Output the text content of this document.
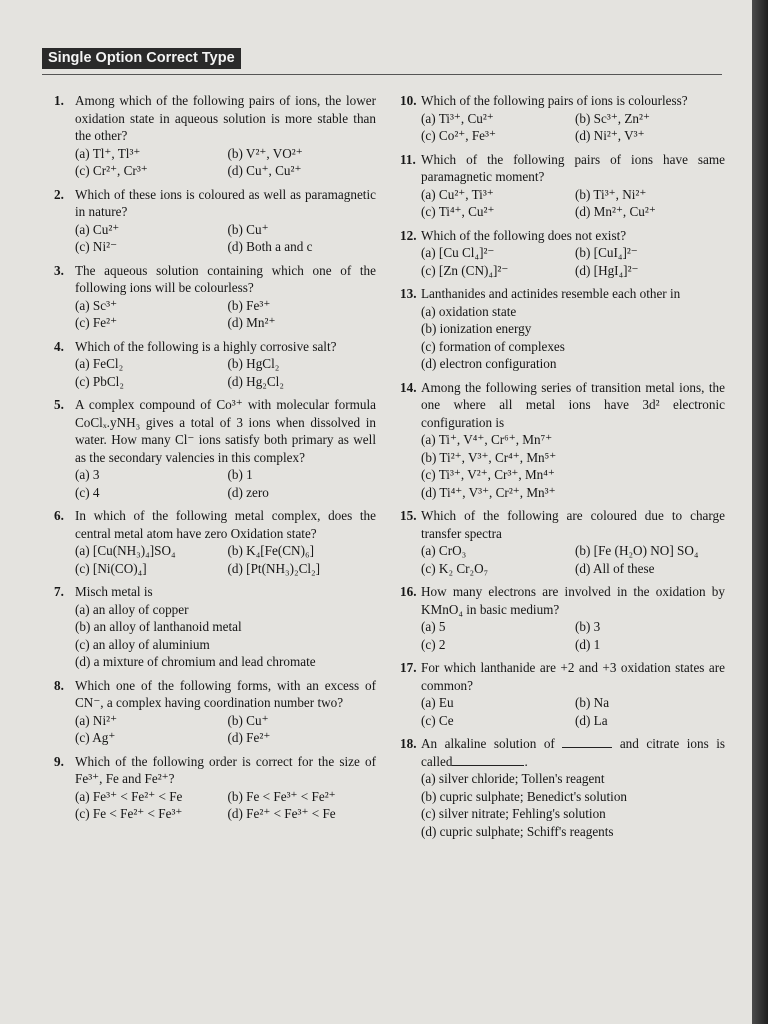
Single Option Correct Type
1. Among which of the following pairs of ions, the lower oxidation state in aqueous solution is more stable than the other?
(a) Tl⁺, Tl³⁺	(b) V²⁺, VO²⁺
(c) Cr²⁺, Cr³⁺	(d) Cu⁺, Cu²⁺
2. Which of these ions is coloured as well as paramagnetic in nature?
(a) Cu²⁺	(b) Cu⁺
(c) Ni²⁻	(d) Both a and c
3. The aqueous solution containing which one of the following ions will be colourless?
(a) Sc³⁺	(b) Fe³⁺
(c) Fe²⁺	(d) Mn²⁺
4. Which of the following is a highly corrosive salt?
(a) FeCl₂	(b) HgCl₂
(c) PbCl₂	(d) Hg₂Cl₂
5. A complex compound of Co³⁺ with molecular formula CoClₓ.yNH₃ gives a total of 3 ions when dissolved in water. How many Cl⁻ ions satisfy both primary as well as the secondary valencies in this complex?
(a) 3	(b) 1
(c) 4	(d) zero
6. In which of the following metal complex, does the central metal atom have zero Oxidation state?
(a) [Cu(NH₃)₄]SO₄	(b) K₄[Fe(CN)₆]
(c) [Ni(CO)₄]	(d) [Pt(NH₃)₂Cl₂]
7. Misch metal is
(a) an alloy of copper
(b) an alloy of lanthanoid metal
(c) an alloy of aluminium
(d) a mixture of chromium and lead chromate
8. Which one of the following forms, with an excess of CN⁻, a complex having coordination number two?
(a) Ni²⁺	(b) Cu⁺
(c) Ag⁺	(d) Fe²⁺
9. Which of the following order is correct for the size of Fe³⁺, Fe and Fe²⁺?
(a) Fe³⁺ < Fe²⁺ < Fe	(b) Fe < Fe³⁺ < Fe²⁺
(c) Fe < Fe²⁺ < Fe³⁺	(d) Fe²⁺ < Fe³⁺ < Fe
10. Which of the following pairs of ions is colourless?
(a) Ti³⁺, Cu²⁺	(b) Sc³⁺, Zn²⁺
(c) Co²⁺, Fe³⁺	(d) Ni²⁺, V³⁺
11. Which of the following pairs of ions have same paramagnetic moment?
(a) Cu²⁺, Ti³⁺	(b) Ti³⁺, Ni²⁺
(c) Ti⁴⁺, Cu²⁺	(d) Mn²⁺, Cu²⁺
12. Which of the following does not exist?
(a) [Cu Cl₄]²⁻	(b) [CuI₄]²⁻
(c) [Zn (CN)₄]²⁻	(d) [HgI₄]²⁻
13. Lanthanides and actinides resemble each other in
(a) oxidation state
(b) ionization energy
(c) formation of complexes
(d) electron configuration
14. Among the following series of transition metal ions, the one where all metal ions have 3d² electronic configuration is
(a) Ti⁺, V⁴⁺, Cr⁶⁺, Mn⁷⁺
(b) Ti²⁺, V³⁺, Cr⁴⁺, Mn⁵⁺
(c) Ti³⁺, V²⁺, Cr³⁺, Mn⁴⁺
(d) Ti⁴⁺, V³⁺, Cr²⁺, Mn³⁺
15. Which of the following are coloured due to charge transfer spectra
(a) CrO₃	(b) [Fe (H₂O) NO] SO₄
(c) K₂ Cr₂O₇	(d) All of these
16. How many electrons are involved in the oxidation by KMnO₄ in basic medium?
(a) 5	(b) 3
(c) 2	(d) 1
17. For which lanthanide are +2 and +3 oxidation states are common?
(a) Eu	(b) Na
(c) Ce	(d) La
18. An alkaline solution of	and citrate ions is called	.
(a) silver chloride; Tollen's reagent
(b) cupric sulphate; Benedict's solution
(c) silver nitrate; Fehling's solution
(d) cupric sulphate; Schiff's reagents
